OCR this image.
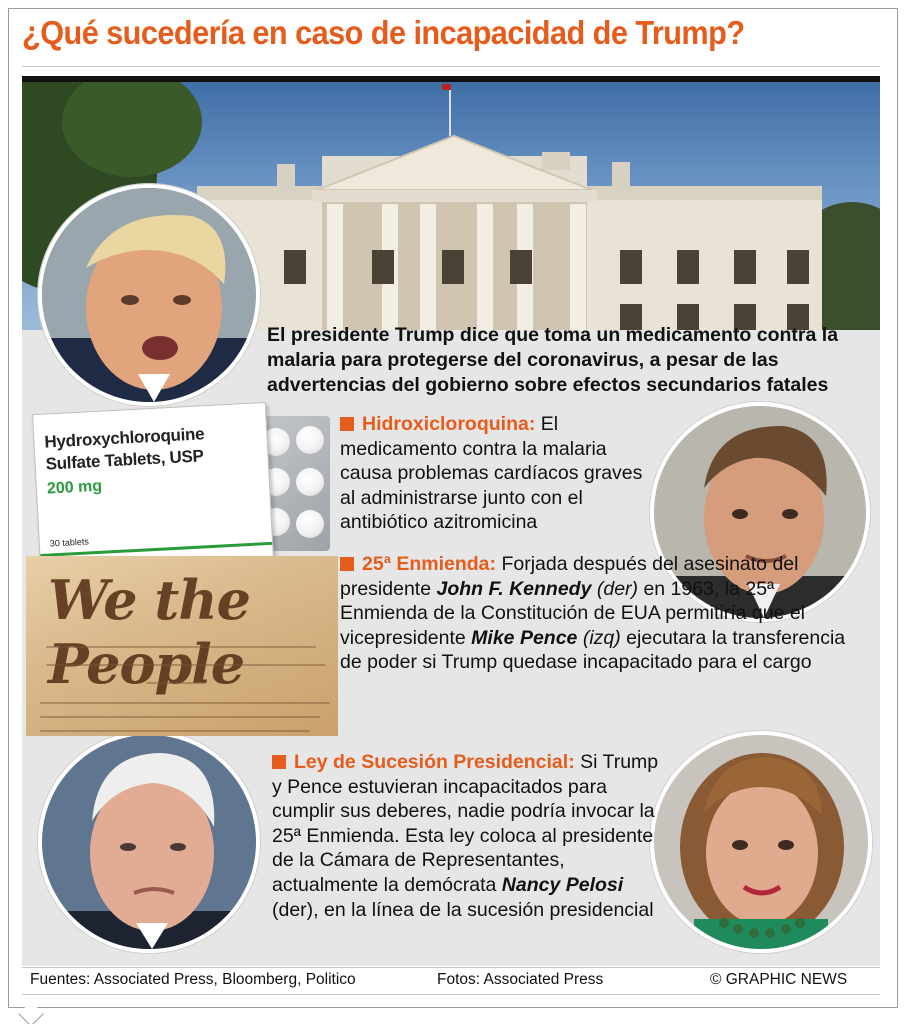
¿Qué sucedería en caso de incapacidad de Trump?
El presidente Trump dice que toma un medicamento contra la malaria para protegerse del coronavirus, a pesar de las advertencias del gobierno sobre efectos secundarios fatales
Hydroxychloroquine
Sulfate Tablets, USP
200 mg
30 tablets
We the People
Hidroxicloroquina: El medicamento contra la malaria causa problemas cardíacos graves al administrarse junto con el antibiótico azitromicina
25ª Enmienda: Forjada después del asesinato del presidente John F. Kennedy (der) en 1963, la 25ª Enmienda de la Constitución de EUA permitiría que el vicepresidente Mike Pence (izq) ejecutara la transferencia de poder si Trump quedase incapacitado para el cargo
Ley de Sucesión Presidencial: Si Trump y Pence estuvieran incapacitados para cumplir sus deberes, nadie podría invocar la 25ª Enmienda. Esta ley coloca al presidente de la Cámara de Representantes, actualmente la demócrata Nancy Pelosi (der), en la línea de la sucesión presidencial
Fuentes: Associated Press, Bloomberg, Politico	Fotos: Associated Press	© GRAPHIC NEWS
